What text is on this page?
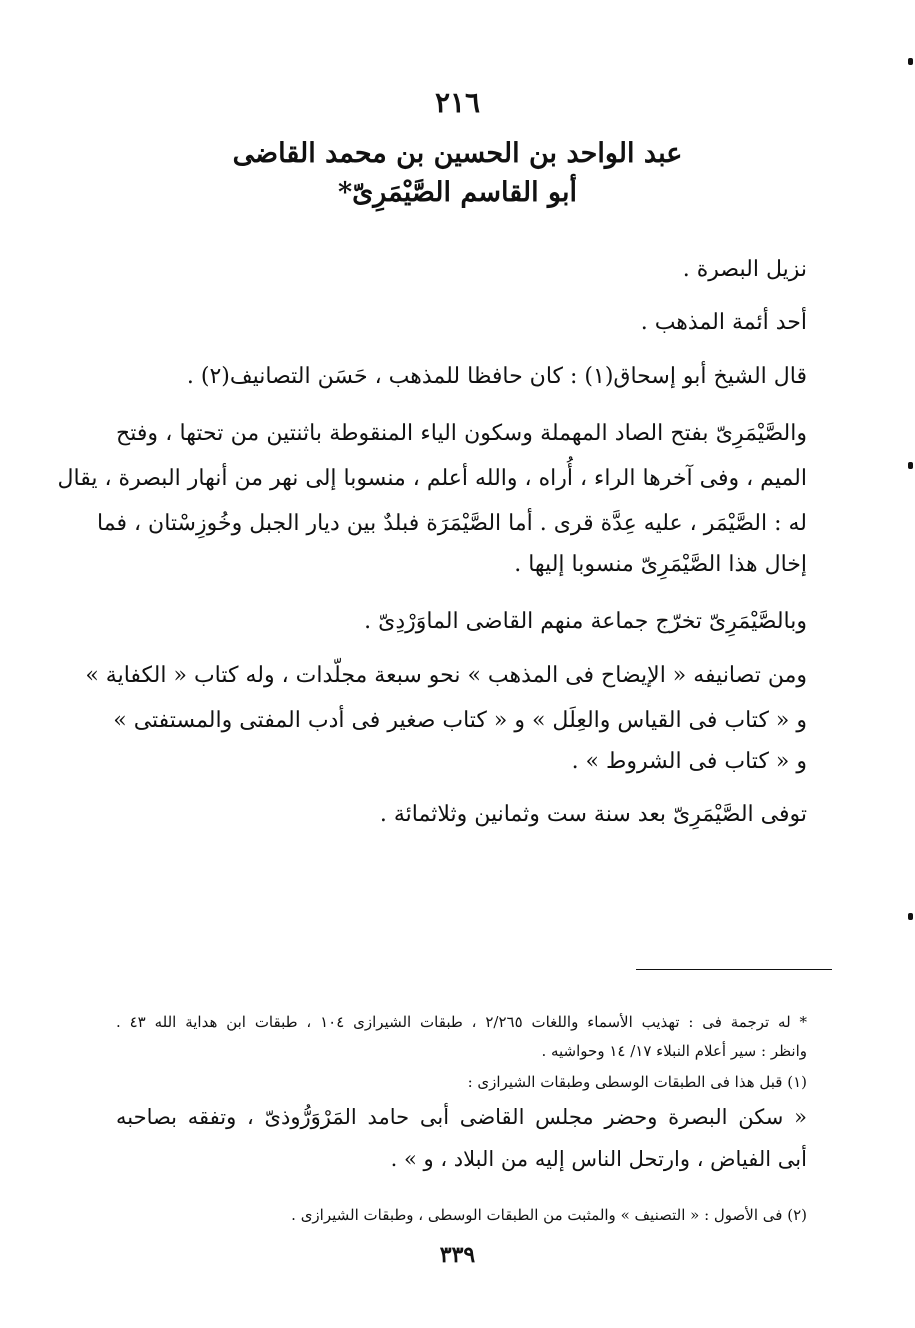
٢١٦
عبد الواحد بن الحسين بن محمد القاضى
أبو القاسم الصَّيْمَرِىّ*
نزيل البصرة .
أحد أئمة المذهب .
قال الشيخ أبو إسحاق(١) : كان حافظا للمذهب ، حَسَن التصانيف(٢) .
والصَّيْمَرِىّ بفتح الصاد المهملة وسكون الياء المنقوطة باثنتين من تحتها ، وفتح
الميم ، وفى آخرها الراء ، أُراه ، والله أعلم ، منسوبا إلى نهر من أنهار البصرة ، يقال
له : الصَّيْمَر ، عليه عِدَّة قرى . أما الصَّيْمَرَة فبلدٌ بين ديار الجبل وخُوزِسْتان ، فما
إخال هذا الصَّيْمَرِىّ منسوبا إليها .
وبالصَّيْمَرِىّ تخرّج جماعة منهم القاضى الماوَرْدِىّ .
ومن تصانيفه « الإيضاح فى المذهب » نحو سبعة مجلّدات ، وله كتاب « الكفاية »
و « كتاب فى القياس والعِلَل » و « كتاب صغير فى أدب المفتى والمستفتى »
و « كتاب فى الشروط » .
توفى الصَّيْمَرِىّ بعد سنة ست وثمانين وثلاثمائة .
* له ترجمة فى : تهذيب الأسماء واللغات ٢/٢٦٥ ، طبقات الشيرازى ١٠٤ ، طبقات ابن هداية الله ٤٣ .
وانظر : سير أعلام النبلاء ١٧/ ١٤ وحواشيه .
(١) قبل هذا فى الطبقات الوسطى وطبقات الشيرازى :
« سكن البصرة وحضر مجلس القاضى أبى حامد المَرْوَرُّوذىّ ، وتفقه بصاحبه
أبى الفياض ، وارتحل الناس إليه من البلاد ، و » .
(٢) فى الأصول : « التصنيف » والمثبت من الطبقات الوسطى ، وطبقات الشيرازى .
٣٣٩
